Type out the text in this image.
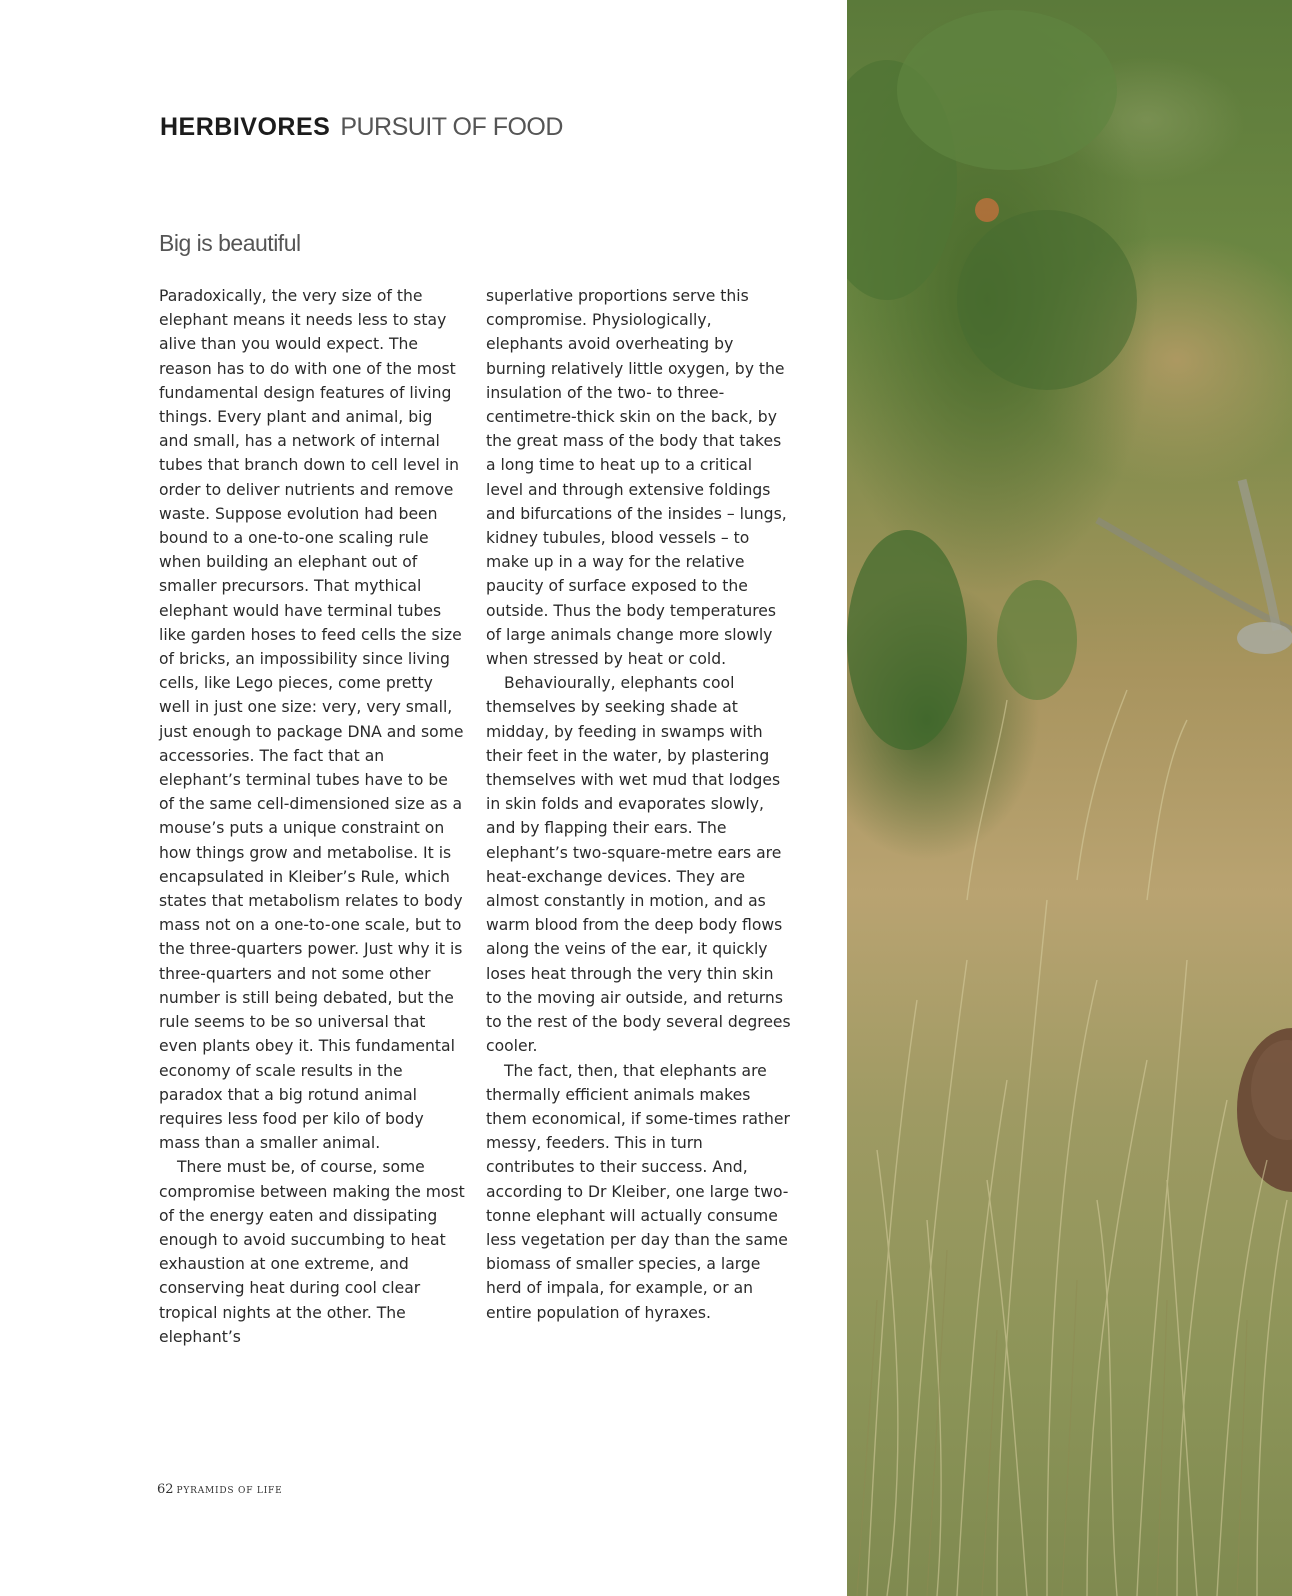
HERBIVORES PURSUIT OF FOOD
Big is beautiful

Paradoxically, the very size of the elephant means it needs less to stay alive than you would expect. The reason has to do with one of the most fundamental design features of living things. Every plant and animal, big and small, has a network of internal tubes that branch down to cell level in order to deliver nutrients and remove waste. Suppose evolution had been bound to a one-to-one scaling rule when building an elephant out of smaller precursors. That mythical elephant would have terminal tubes like garden hoses to feed cells the size of bricks, an impossibility since living cells, like Lego pieces, come pretty well in just one size: very, very small, just enough to package DNA and some accessories. The fact that an elephant’s terminal tubes have to be of the same cell-dimensioned size as a mouse’s puts a unique constraint on how things grow and metabolise. It is encapsulated in Kleiber’s Rule, which states that metabolism relates to body mass not on a one-to-one scale, but to the three-quarters power. Just why it is three-quarters and not some other number is still being debated, but the rule seems to be so universal that even plants obey it. This fundamental economy of scale results in the paradox that a big rotund animal requires less food per kilo of body mass than a smaller animal.

There must be, of course, some compromise between making the most of the energy eaten and dissipating enough to avoid succumbing to heat exhaustion at one extreme, and conserving heat during cool clear tropical nights at the other. The elephant’s

superlative proportions serve this compromise. Physiologically, elephants avoid overheating by burning relatively little oxygen, by the insulation of the two- to three-centimetre-thick skin on the back, by the great mass of the body that takes a long time to heat up to a critical level and through extensive foldings and bifurcations of the insides – lungs, kidney tubules, blood vessels – to make up in a way for the relative paucity of surface exposed to the outside. Thus the body temperatures of large animals change more slowly when stressed by heat or cold.

Behaviourally, elephants cool themselves by seeking shade at midday, by feeding in swamps with their feet in the water, by plastering themselves with wet mud that lodges in skin folds and evaporates slowly, and by flapping their ears. The elephant’s two-square-metre ears are heat-exchange devices. They are almost constantly in motion, and as warm blood from the deep body flows along the veins of the ear, it quickly loses heat through the very thin skin to the moving air outside, and returns to the rest of the body several degrees cooler.

The fact, then, that elephants are thermally efficient animals makes them economical, if some-times rather messy, feeders. This in turn contributes to their success. And, according to Dr Kleiber, one large two-tonne elephant will actually consume less vegetation per day than the same biomass of smaller species, a large herd of impala, for example, or an entire population of hyraxes.

62 PYRAMIDS OF LIFE
